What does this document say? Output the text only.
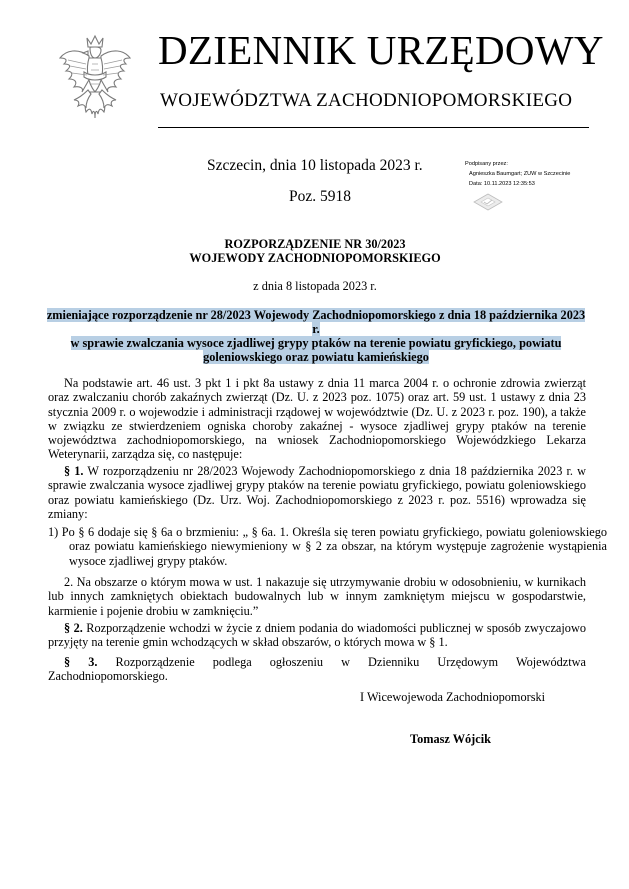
DZIENNIK URZĘDOWY
WOJEWÓDZTWA ZACHODNIOPOMORSKIEGO
Szczecin, dnia 10 listopada 2023 r.
Poz. 5918
Podpisany przez:
Agnieszka Baumgart; ZUW w Szczecinie
Data: 10.11.2023 12:35:53
ROZPORZĄDZENIE NR 30/2023
WOJEWODY ZACHODNIOPOMORSKIEGO
z dnia 8 listopada 2023 r.
zmieniające rozporządzenie nr 28/2023 Wojewody Zachodniopomorskiego z dnia 18 października 2023 r.
w sprawie zwalczania wysoce zjadliwej grypy ptaków na terenie powiatu gryfickiego, powiatu
goleniowskiego oraz powiatu kamieńskiego
Na podstawie art. 46 ust. 3 pkt 1 i pkt 8a ustawy z dnia 11 marca 2004 r. o ochronie zdrowia zwierząt oraz zwalczaniu chorób zakaźnych zwierząt (Dz. U. z 2023 poz. 1075) oraz art. 59 ust. 1 ustawy z dnia 23 stycznia 2009 r. o wojewodzie i administracji rządowej w województwie (Dz. U. z 2023 r. poz. 190), a także w związku ze stwierdzeniem ogniska choroby zakaźnej - wysoce zjadliwej grypy ptaków na terenie województwa zachodniopomorskiego, na wniosek Zachodniopomorskiego Wojewódzkiego Lekarza Weterynarii, zarządza się, co następuje:
§ 1. W rozporządzeniu nr 28/2023 Wojewody Zachodniopomorskiego z dnia 18 października 2023 r. w sprawie zwalczania wysoce zjadliwej grypy ptaków na terenie powiatu gryfickiego, powiatu goleniowskiego oraz powiatu kamieńskiego (Dz. Urz. Woj. Zachodniopomorskiego z 2023 r. poz. 5516) wprowadza się zmiany:
1) Po § 6 dodaje się § 6a o brzmieniu: „ § 6a. 1. Określa się teren powiatu gryfickiego, powiatu goleniowskiego oraz powiatu kamieńskiego niewymieniony w § 2 za obszar, na którym występuje zagrożenie wystąpienia wysoce zjadliwej grypy ptaków.
2. Na obszarze o którym mowa w ust. 1 nakazuje się utrzymywanie drobiu w odosobnieniu, w kurnikach lub innych zamkniętych obiektach budowalnych lub w innym zamkniętym miejscu w gospodarstwie, karmienie i pojenie drobiu w zamknięciu.”
§ 2. Rozporządzenie wchodzi w życie z dniem podania do wiadomości publicznej w sposób zwyczajowo przyjęty na terenie gmin wchodzących w skład obszarów, o których mowa w § 1.
§ 3. Rozporządzenie podlega ogłoszeniu w Dzienniku Urzędowym Województwa Zachodniopomorskiego.
I Wicewojewoda Zachodniopomorski
Tomasz Wójcik
